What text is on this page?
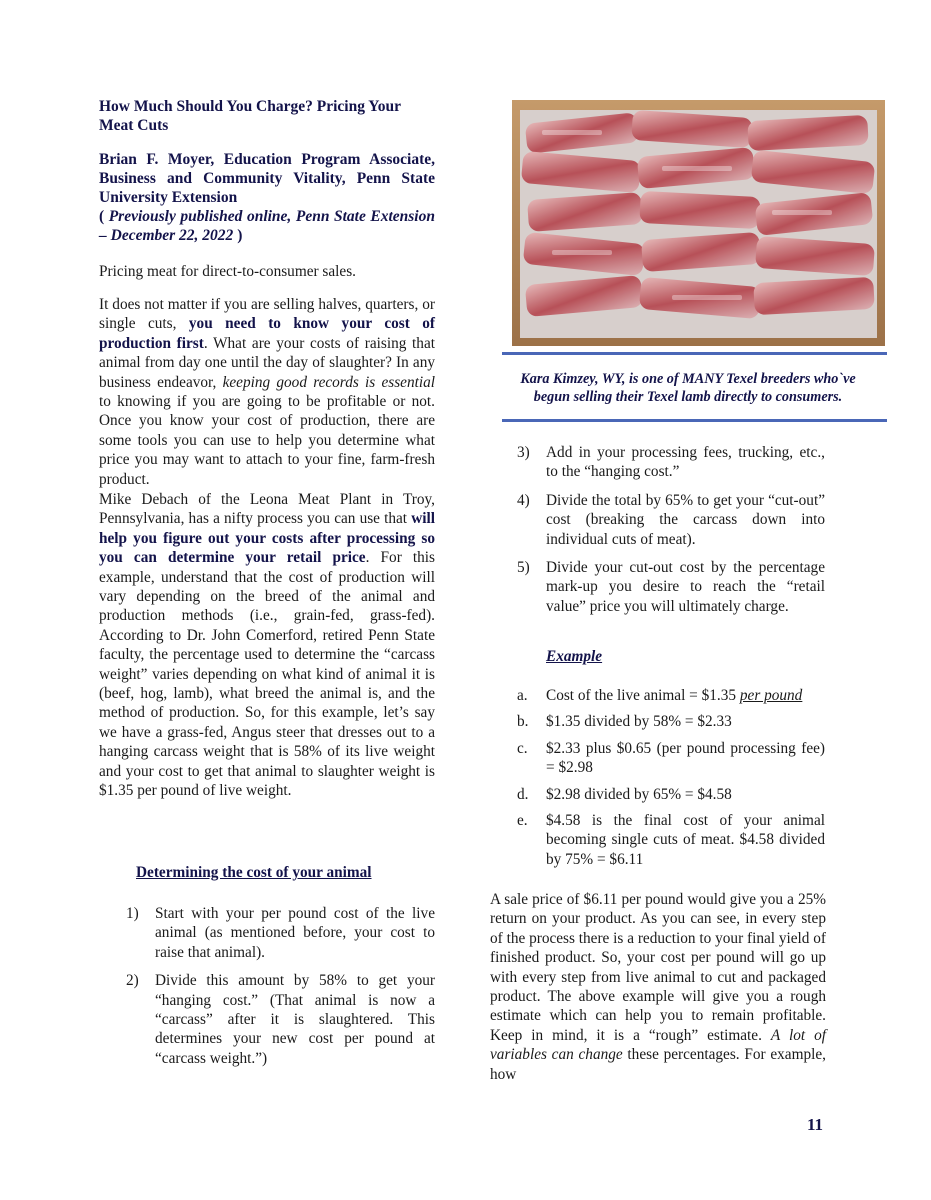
How Much Should You Charge? Pricing Your Meat Cuts
Brian F. Moyer, Education Program Associate, Business and Community Vitality, Penn State University Extension
( Previously published online, Penn State Extension – December 22, 2022 )

Pricing meat for direct-to-consumer sales.

It does not matter if you are selling halves, quarters, or single cuts, you need to know your cost of production first. What are your costs of raising that animal from day one until the day of slaughter? In any business endeavor, keeping good records is essential to knowing if you are going to be profitable or not. Once you know your cost of production, there are some tools you can use to help you determine what price you may want to attach to your fine, farm-fresh product.

Mike Debach of the Leona Meat Plant in Troy, Pennsylvania, has a nifty process you can use that will help you figure out your costs after processing so you can determine your retail price. For this example, understand that the cost of production will vary depending on the breed of the animal and production methods (i.e., grain-fed, grass-fed). According to Dr. John Comerford, retired Penn State faculty, the percentage used to determine the “carcass weight” varies depending on what kind of animal it is (beef, hog, lamb), what breed the animal is, and the method of production. So, for this example, let’s say we have a grass-fed, Angus steer that dresses out to a hanging carcass weight that is 58% of its live weight and your cost to get that animal to slaughter weight is $1.35 per pound of live weight.

Determining the cost of your animal
1) Start with your per pound cost of the live animal (as mentioned before, your cost to raise that animal).
2) Divide this amount by 58% to get your “hanging cost.” (That animal is now a “carcass” after it is slaughtered. This determines your new cost per pound at “carcass weight.”)
Kara Kimzey, WY, is one of MANY Texel breeders who`ve begun selling their Texel lamb directly to consumers.
3) Add in your processing fees, trucking, etc., to the “hanging cost.”
4) Divide the total by 65% to get your “cut-out” cost (breaking the carcass down into individual cuts of meat).
5) Divide your cut-out cost by the percentage mark-up you desire to reach the “retail value” price you will ultimately charge.
Example
a. Cost of the live animal = $1.35 per pound
b. $1.35 divided by 58% = $2.33
c. $2.33 plus $0.65 (per pound processing fee) = $2.98
d. $2.98 divided by 65% = $4.58
e. $4.58 is the final cost of your animal becoming single cuts of meat. $4.58 divided by 75% = $6.11

A sale price of $6.11 per pound would give you a 25% return on your product. As you can see, in every step of the process there is a reduction to your final yield of finished product. So, your cost per pound will go up with every step from live animal to cut and packaged product. The above example will give you a rough estimate which can help you to remain profitable. Keep in mind, it is a “rough” estimate. A lot of variables can change these percentages. For example, how

11
